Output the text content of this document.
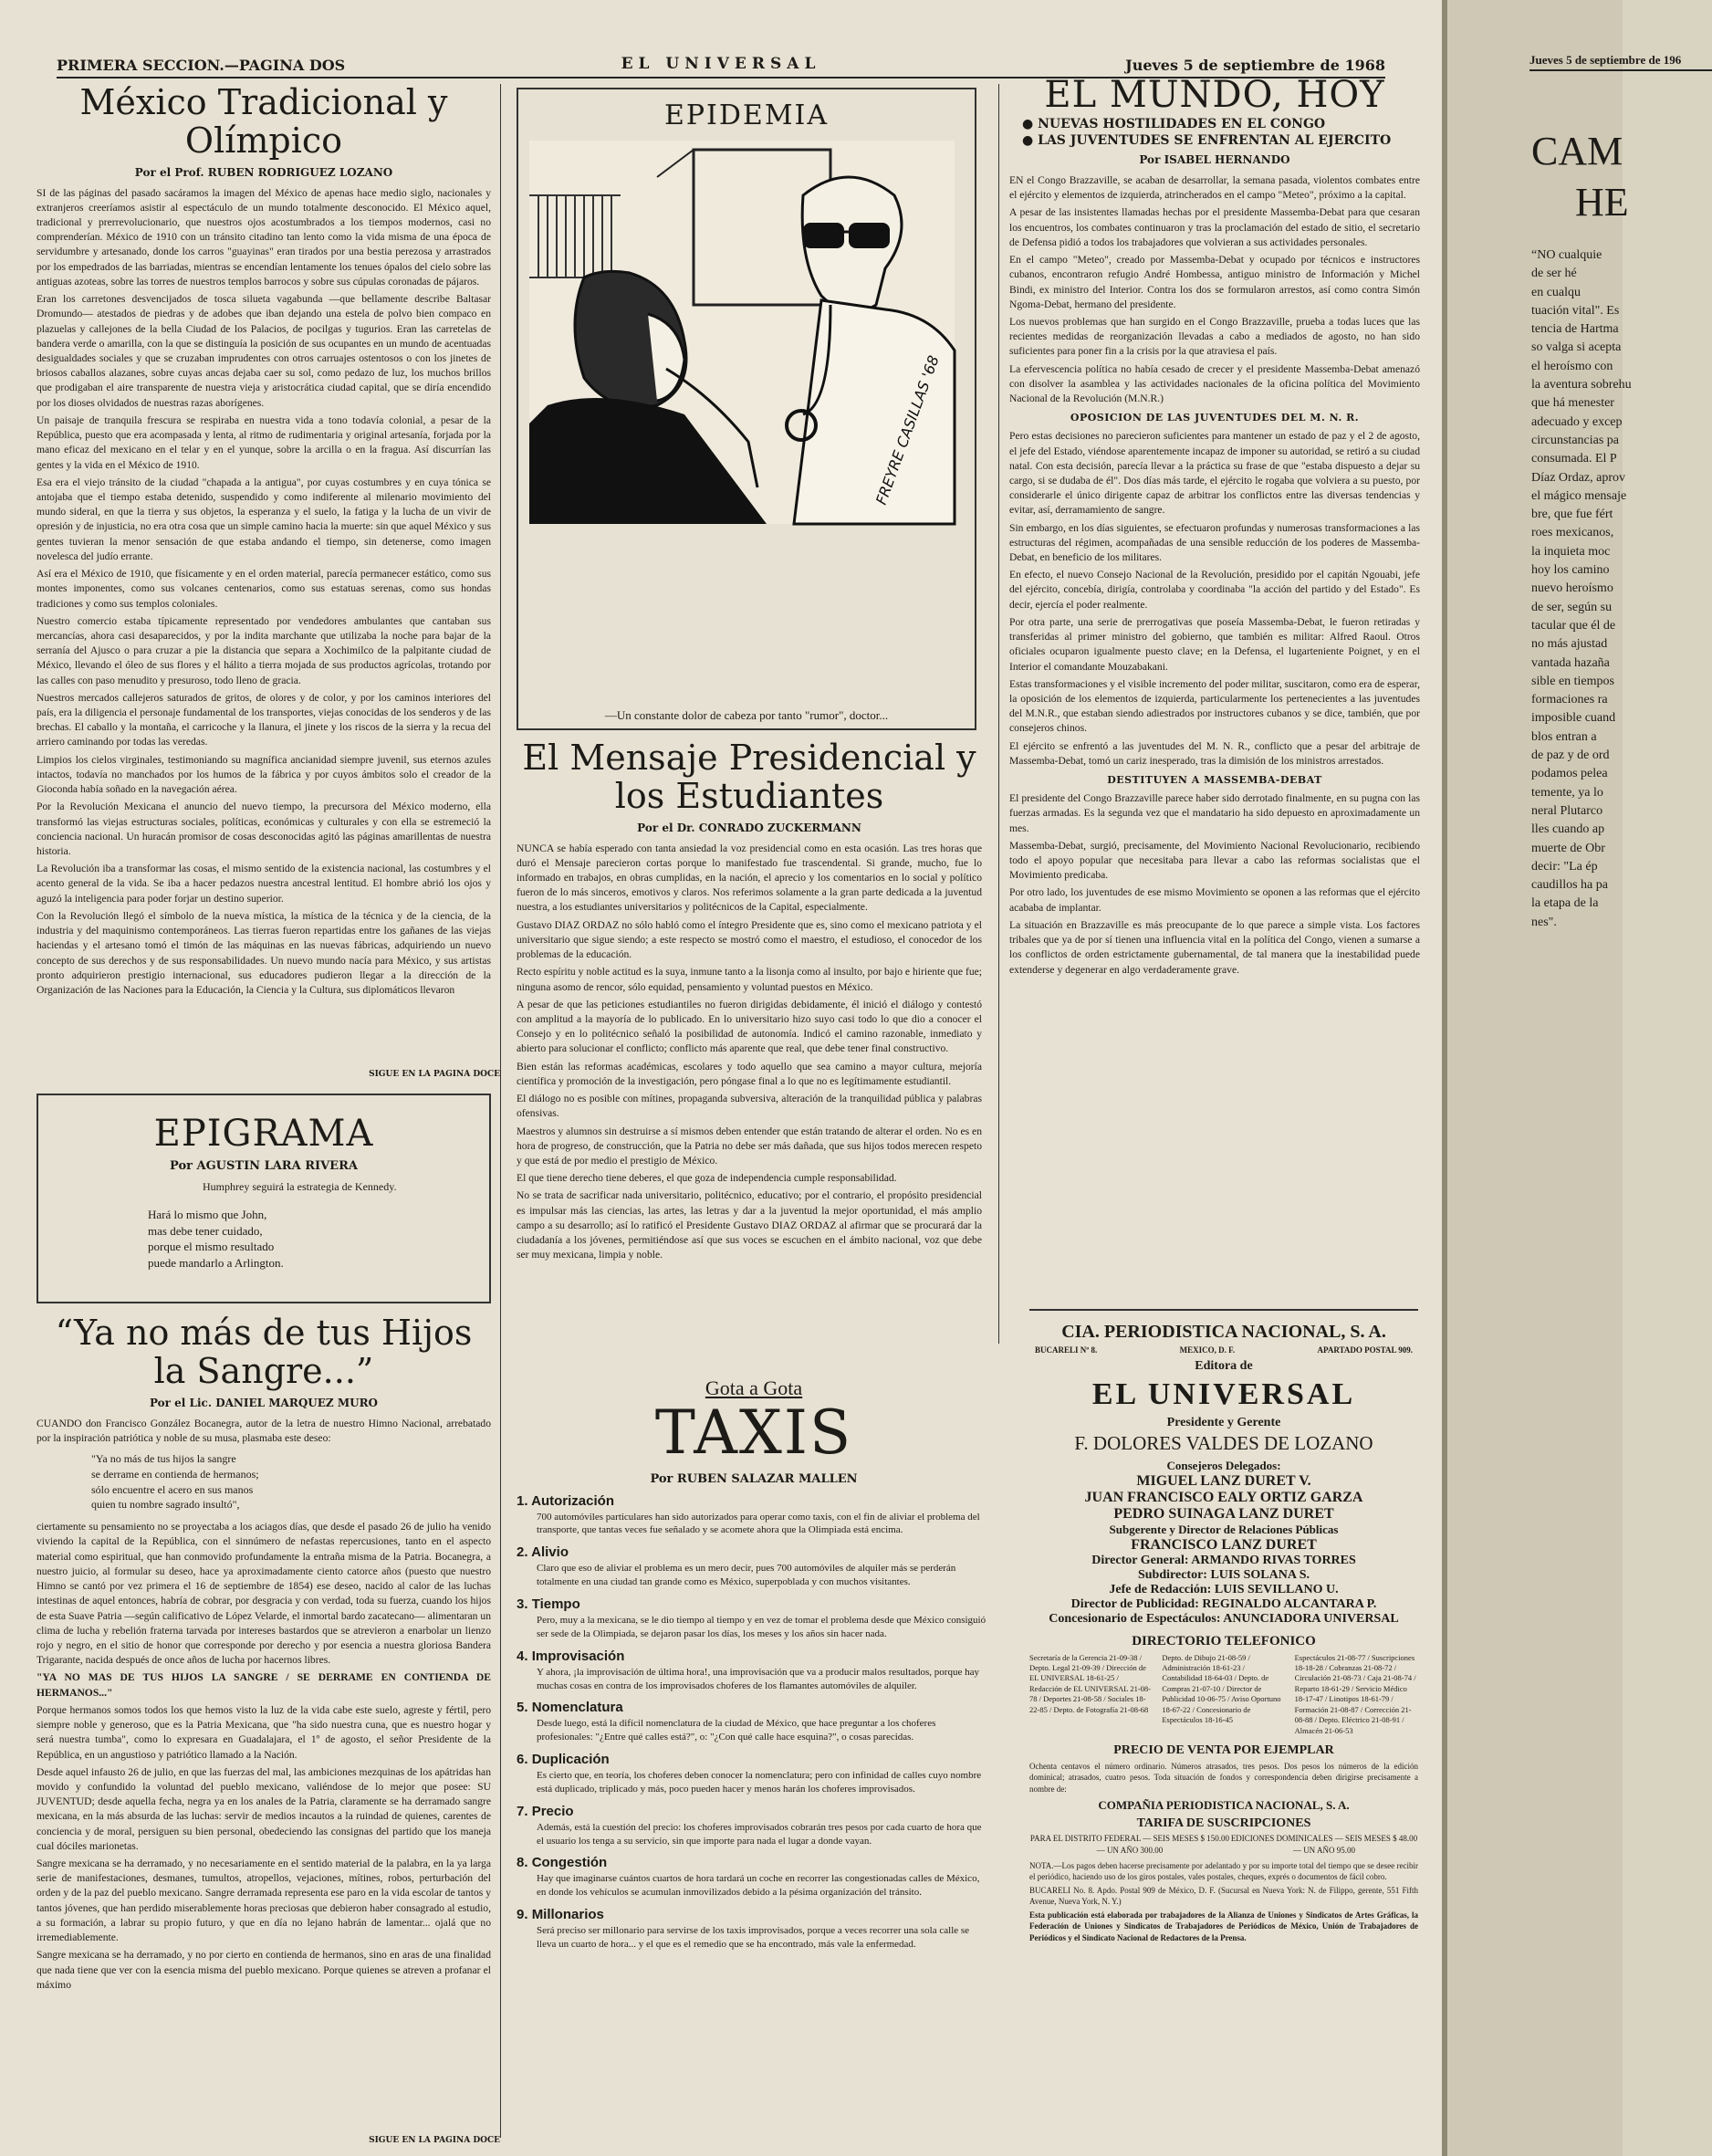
PRIMERA SECCION.—PAGINA DOS	EL UNIVERSAL	Jueves 5 de septiembre de 1968
México Tradicional y Olímpico
Por el Prof. RUBEN RODRIGUEZ LOZANO

SI de las páginas del pasado sacáramos la imagen del México de apenas hace medio siglo, nacionales y extranjeros creeríamos asistir al espectáculo de un mundo totalmente desconocido. El México aquel, tradicional y prerrevolucionario, que nuestros ojos acostumbrados a los tiempos modernos, casi no comprenderían. México de 1910 con un tránsito citadino tan lento como la vida misma de una época de servidumbre y artesanado, donde los carros "guayinas" eran tirados por una bestia perezosa y arrastrados por los empedrados de las barriadas, mientras se encendían lentamente los tenues ópalos del cielo sobre las antiguas azoteas, sobre las torres de nuestros templos barrocos y sobre sus cúpulas coronadas de pájaros.

Eran los carretones desvencijados de tosca silueta vagabunda —que bellamente describe Baltasar Dromundo— atestados de piedras y de adobes que iban dejando una estela de polvo bien compaco en plazuelas y callejones de la bella Ciudad de los Palacios, de pocilgas y tugurios. Eran las carretelas de bandera verde o amarilla, con la que se distinguía la posición de sus ocupantes en un mundo de acentuadas desigualdades sociales y que se cruzaban imprudentes con otros carruajes ostentosos o con los jinetes de briosos caballos alazanes, sobre cuyas ancas dejaba caer su sol, como pedazo de luz, los muchos brillos que prodigaban el aire transparente de nuestra vieja y aristocrática ciudad capital, que se diría encendido por los dioses olvidados de nuestras razas aborígenes.

Un paisaje de tranquila frescura se respiraba en nuestra vida a tono todavía colonial, a pesar de la República, puesto que era acompasada y lenta, al ritmo de rudimentaria y original artesanía, forjada por la mano eficaz del mexicano en el telar y en el yunque, sobre la arcilla o en la fragua. Así discurrían las gentes y la vida en el México de 1910.

Esa era el viejo tránsito de la ciudad "chapada a la antigua", por cuyas costumbres y en cuya tónica se antojaba que el tiempo estaba detenido, suspendido y como indiferente al milenario movimiento del mundo sideral, en que la tierra y sus objetos, la esperanza y el suelo, la fatiga y la lucha de un vivir de opresión y de injusticia, no era otra cosa que un simple camino hacia la muerte: sin que aquel México y sus gentes tuvieran la menor sensación de que estaba andando el tiempo, sin detenerse, como imagen novelesca del judío errante.

Así era el México de 1910, que físicamente y en el orden material, parecía permanecer estático, como sus montes imponentes, como sus volcanes centenarios, como sus estatuas serenas, como sus hondas tradiciones y como sus templos coloniales.

Nuestro comercio estaba típicamente representado por vendedores ambulantes que cantaban sus mercancías, ahora casi desaparecidos, y por la indita marchante que utilizaba la noche para bajar de la serranía del Ajusco o para cruzar a pie la distancia que separa a Xochimilco de la palpitante ciudad de México, llevando el óleo de sus flores y el hálito a tierra mojada de sus productos agrícolas, trotando por las calles con paso menudito y presuroso, todo lleno de gracia.

Nuestros mercados callejeros saturados de gritos, de olores y de color, y por los caminos interiores del país, era la diligencia el personaje fundamental de los transportes, viejas conocidas de los senderos y de las brechas. El caballo y la montaña, el carricoche y la llanura, el jinete y los riscos de la sierra y la recua del arriero caminando por todas las veredas.

Limpios los cielos virginales, testimoniando su magnífica ancianidad siempre juvenil, sus eternos azules intactos, todavía no manchados por los humos de la fábrica y por cuyos ámbitos solo el creador de la Gioconda había soñado en la navegación aérea.

Por la Revolución Mexicana el anuncio del nuevo tiempo, la precursora del México moderno, ella transformó las viejas estructuras sociales, políticas, económicas y culturales y con ella se estremeció la conciencia nacional. Un huracán promisor de cosas desconocidas agitó las páginas amarillentas de nuestra historia.

La Revolución iba a transformar las cosas, el mismo sentido de la existencia nacional, las costumbres y el acento general de la vida. Se iba a hacer pedazos nuestra ancestral lentitud. El hombre abrió los ojos y aguzó la inteligencia para poder forjar un destino superior.

Con la Revolución llegó el símbolo de la nueva mística, la mística de la técnica y de la ciencia, de la industria y del maquinismo contemporáneos. Las tierras fueron repartidas entre los gañanes de las viejas haciendas y el artesano tomó el timón de las máquinas en las nuevas fábricas, adquiriendo un nuevo concepto de sus derechos y de sus responsabilidades. Un nuevo mundo nacía para México, y sus artistas pronto adquirieron prestigio internacional, sus educadores pudieron llegar a la dirección de la Organización de las Naciones para la Educación, la Ciencia y la Cultura, sus diplomáticos llevaron

SIGUE EN LA PAGINA DOCE
EPIGRAMA
Por AGUSTIN LARA RIVERA
Humphrey seguirá la estrategia de Kennedy.
Hará lo mismo que John,
mas debe tener cuidado,
porque el mismo resultado
puede mandarlo a Arlington.
“Ya no más de tus Hijos la Sangre...”
Por el Lic. DANIEL MARQUEZ MURO

CUANDO don Francisco González Bocanegra, autor de la letra de nuestro Himno Nacional, arrebatado por la inspiración patriótica y noble de su musa, plasmaba este deseo:

"Ya no más de tus hijos la sangre
se derrame en contienda de hermanos;
sólo encuentre el acero en sus manos
quien tu nombre sagrado insultó",

ciertamente su pensamiento no se proyectaba a los aciagos días, que desde el pasado 26 de julio ha venido viviendo la capital de la República, con el sinnúmero de nefastas repercusiones, tanto en el aspecto material como espiritual, que han conmovido profundamente la entraña misma de la Patria. Bocanegra, a nuestro juicio, al formular su deseo, hace ya aproximadamente ciento catorce años (puesto que nuestro Himno se cantó por vez primera el 16 de septiembre de 1854) ese deseo, nacido al calor de las luchas intestinas de aquel entonces, habría de cobrar, por desgracia y con verdad, toda su fuerza, cuando los hijos de esta Suave Patria —según calificativo de López Velarde, el inmortal bardo zacatecano— alimentaran un clima de lucha y rebelión fraterna tarvada por intereses bastardos que se atrevieron a enarbolar un lienzo rojo y negro, en el sitio de honor que corresponde por derecho y por esencia a nuestra gloriosa Bandera Trigarante, nacida después de once años de lucha por hacernos libres.

"YA NO MAS DE TUS HIJOS LA SANGRE / SE DERRAME EN CONTIENDA DE HERMANOS..."

Porque hermanos somos todos los que hemos visto la luz de la vida cabe este suelo, agreste y fértil, pero siempre noble y generoso, que es la Patria Mexicana, que "ha sido nuestra cuna, que es nuestro hogar y será nuestra tumba", como lo expresara en Guadalajara, el 1º de agosto, el señor Presidente de la República, en un angustioso y patriótico llamado a la Nación.

Desde aquel infausto 26 de julio, en que las fuerzas del mal, las ambiciones mezquinas de los apátridas han movido y confundido la voluntad del pueblo mexicano, valiéndose de lo mejor que posee: SU JUVENTUD; desde aquella fecha, negra ya en los anales de la Patria, claramente se ha derramado sangre mexicana, en la más absurda de las luchas: servir de medios incautos a la ruindad de quienes, carentes de conciencia y de moral, persiguen su bien personal, obedeciendo las consignas del partido que los maneja cual dóciles marionetas.

Sangre mexicana se ha derramado, y no necesariamente en el sentido material de la palabra, en la ya larga serie de manifestaciones, desmanes, tumultos, atropellos, vejaciones, mítines, robos, perturbación del orden y de la paz del pueblo mexicano. Sangre derramada representa ese paro en la vida escolar de tantos y tantos jóvenes, que han perdido miserablemente horas preciosas que debieron haber consagrado al estudio, a su formación, a labrar su propio futuro, y que en día no lejano habrán de lamentar... ojalá que no irremediablemente.

Sangre mexicana se ha derramado, y no por cierto en contienda de hermanos, sino en aras de una finalidad que nada tiene que ver con la esencia misma del pueblo mexicano. Porque quienes se atreven a profanar el máximo

SIGUE EN LA PAGINA DOCE
EPIDEMIA
FREYRE CASILLAS '68
—Un constante dolor de cabeza por tanto "rumor", doctor...
El Mensaje Presidencial y los Estudiantes
Por el Dr. CONRADO ZUCKERMANN

NUNCA se había esperado con tanta ansiedad la voz presidencial como en esta ocasión. Las tres horas que duró el Mensaje parecieron cortas porque lo manifestado fue trascendental. Si grande, mucho, fue lo informado en trabajos, en obras cumplidas, en la nación, el aprecio y los comentarios en lo social y político fueron de lo más sinceros, emotivos y claros. Nos referimos solamente a la gran parte dedicada a la juventud nuestra, a los estudiantes universitarios y politécnicos de la Capital, especialmente.

Gustavo DIAZ ORDAZ no sólo habló como el íntegro Presidente que es, sino como el mexicano patriota y el universitario que sigue siendo; a este respecto se mostró como el maestro, el estudioso, el conocedor de los problemas de la educación.

Recto espíritu y noble actitud es la suya, inmune tanto a la lisonja como al insulto, por bajo e hiriente que fue; ninguna asomo de rencor, sólo equidad, pensamiento y voluntad puestos en México.

A pesar de que las peticiones estudiantiles no fueron dirigidas debidamente, él inició el diálogo y contestó con amplitud a la mayoría de lo publicado. En lo universitario hizo suyo casi todo lo que dio a conocer el Consejo y en lo politécnico señaló la posibilidad de autonomía. Indicó el camino razonable, inmediato y abierto para solucionar el conflicto; conflicto más aparente que real, que debe tener final constructivo.

Bien están las reformas académicas, escolares y todo aquello que sea camino a mayor cultura, mejoría científica y promoción de la investigación, pero póngase final a lo que no es legítimamente estudiantil.

El diálogo no es posible con mítines, propaganda subversiva, alteración de la tranquilidad pública y palabras ofensivas.

Maestros y alumnos sin destruirse a sí mismos deben entender que están tratando de alterar el orden. No es en hora de progreso, de construcción, que la Patria no debe ser más dañada, que sus hijos todos merecen respeto y que está de por medio el prestigio de México.

El que tiene derecho tiene deberes, el que goza de independencia cumple responsabilidad.

No se trata de sacrificar nada universitario, politécnico, educativo; por el contrario, el propósito presidencial es impulsar más las ciencias, las artes, las letras y dar a la juventud la mejor oportunidad, el más amplio campo a su desarrollo; así lo ratificó el Presidente Gustavo DIAZ ORDAZ al afirmar que se procurará dar la ciudadanía a los jóvenes, permitiéndose así que sus voces se escuchen en el ámbito nacional, voz que debe ser muy mexicana, limpia y noble.

Gota a Gota
TAXIS
Por RUBEN SALAZAR MALLEN
1. Autorización

700 automóviles particulares han sido autorizados para operar como taxis, con el fin de aliviar el problema del transporte, que tantas veces fue señalado y se acomete ahora que la Olimpiada está encima.

2. Alivio

Claro que eso de aliviar el problema es un mero decir, pues 700 automóviles de alquiler más se perderán totalmente en una ciudad tan grande como es México, superpoblada y con muchos visitantes.

3. Tiempo

Pero, muy a la mexicana, se le dio tiempo al tiempo y en vez de tomar el problema desde que México consiguió ser sede de la Olimpiada, se dejaron pasar los días, los meses y los años sin hacer nada.

4. Improvisación

Y ahora, ¡la improvisación de última hora!, una improvisación que va a producir malos resultados, porque hay muchas cosas en contra de los improvisados choferes de los flamantes automóviles de alquiler.

5. Nomenclatura

Desde luego, está la difícil nomenclatura de la ciudad de México, que hace preguntar a los choferes profesionales: "¿Entre qué calles está?", o: "¿Con qué calle hace esquina?", o cosas parecidas.

6. Duplicación

Es cierto que, en teoría, los choferes deben conocer la nomenclatura; pero con infinidad de calles cuyo nombre está duplicado, triplicado y más, poco pueden hacer y menos harán los choferes improvisados.

7. Precio

Además, está la cuestión del precio: los choferes improvisados cobrarán tres pesos por cada cuarto de hora que el usuario los tenga a su servicio, sin que importe para nada el lugar a donde vayan.

8. Congestión

Hay que imaginarse cuántos cuartos de hora tardará un coche en recorrer las congestionadas calles de México, en donde los vehículos se acumulan inmovilizados debido a la pésima organización del tránsito.

9. Millonarios

Será preciso ser millonario para servirse de los taxis improvisados, porque a veces recorrer una sola calle se lleva un cuarto de hora... y el que es el remedio que se ha encontrado, más vale la enfermedad.

EL MUNDO, HOY
● NUEVAS HOSTILIDADES EN EL CONGO
● LAS JUVENTUDES SE ENFRENTAN AL EJERCITO
Por ISABEL HERNANDO

EN el Congo Brazzaville, se acaban de desarrollar, la semana pasada, violentos combates entre el ejército y elementos de izquierda, atrincherados en el campo "Meteo", próximo a la capital.

A pesar de las insistentes llamadas hechas por el presidente Massemba-Debat para que cesaran los encuentros, los combates continuaron y tras la proclamación del estado de sitio, el secretario de Defensa pidió a todos los trabajadores que volvieran a sus actividades personales.

En el campo "Meteo", creado por Massemba-Debat y ocupado por técnicos e instructores cubanos, encontraron refugio André Hombessa, antiguo ministro de Información y Michel Bindi, ex ministro del Interior. Contra los dos se formularon arrestos, así como contra Simón Ngoma-Debat, hermano del presidente.

Los nuevos problemas que han surgido en el Congo Brazzaville, prueba a todas luces que las recientes medidas de reorganización llevadas a cabo a mediados de agosto, no han sido suficientes para poner fin a la crisis por la que atraviesa el país.

La efervescencia política no había cesado de crecer y el presidente Massemba-Debat amenazó con disolver la asamblea y las actividades nacionales de la oficina política del Movimiento Nacional de la Revolución (M.N.R.)

OPOSICION DE LAS JUVENTUDES DEL M. N. R.

Pero estas decisiones no parecieron suficientes para mantener un estado de paz y el 2 de agosto, el jefe del Estado, viéndose aparentemente incapaz de imponer su autoridad, se retiró a su ciudad natal. Con esta decisión, parecía llevar a la práctica su frase de que "estaba dispuesto a dejar su cargo, si se dudaba de él". Dos días más tarde, el ejército le rogaba que volviera a su puesto, por considerarle el único dirigente capaz de arbitrar los conflictos entre las diversas tendencias y evitar, así, derramamiento de sangre.

Sin embargo, en los días siguientes, se efectuaron profundas y numerosas transformaciones a las estructuras del régimen, acompañadas de una sensible reducción de los poderes de Massemba-Debat, en beneficio de los militares.

En efecto, el nuevo Consejo Nacional de la Revolución, presidido por el capitán Ngouabi, jefe del ejército, concebía, dirigía, controlaba y coordinaba "la acción del partido y del Estado". Es decir, ejercía el poder realmente.

Por otra parte, una serie de prerrogativas que poseía Massemba-Debat, le fueron retiradas y transferidas al primer ministro del gobierno, que también es militar: Alfred Raoul. Otros oficiales ocuparon igualmente puesto clave; en la Defensa, el lugarteniente Poignet, y en el Interior el comandante Mouzabakani.

Estas transformaciones y el visible incremento del poder militar, suscitaron, como era de esperar, la oposición de los elementos de izquierda, particularmente los pertenecientes a las juventudes del M.N.R., que estaban siendo adiestrados por instructores cubanos y se dice, también, que por consejeros chinos.

El ejército se enfrentó a las juventudes del M. N. R., conflicto que a pesar del arbitraje de Massemba-Debat, tomó un cariz inesperado, tras la dimisión de los ministros arrestados.

DESTITUYEN A MASSEMBA-DEBAT

El presidente del Congo Brazzaville parece haber sido derrotado finalmente, en su pugna con las fuerzas armadas. Es la segunda vez que el mandatario ha sido depuesto en aproximadamente un mes.

Massemba-Debat, surgió, precisamente, del Movimiento Nacional Revolucionario, recibiendo todo el apoyo popular que necesitaba para llevar a cabo las reformas socialistas que el Movimiento predicaba.

Por otro lado, los juventudes de ese mismo Movimiento se oponen a las reformas que el ejército acababa de implantar.

La situación en Brazzaville es más preocupante de lo que parece a simple vista. Los factores tribales que ya de por sí tienen una influencia vital en la política del Congo, vienen a sumarse a los conflictos de orden estrictamente gubernamental, de tal manera que la inestabilidad puede extenderse y degenerar en algo verdaderamente grave.

CIA. PERIODISTICA NACIONAL, S. A.
BUCARELI Nº 8.	MEXICO, D. F.	APARTADO POSTAL 909.
Editora de
EL UNIVERSAL
Presidente y Gerente
F. DOLORES VALDES DE LOZANO
Consejeros Delegados:
MIGUEL LANZ DURET V.
JUAN FRANCISCO EALY ORTIZ GARZA
PEDRO SUINAGA LANZ DURET
Subgerente y Director de Relaciones Públicas
FRANCISCO LANZ DURET
Director General: ARMANDO RIVAS TORRES
Subdirector: LUIS SOLANA S.
Jefe de Redacción: LUIS SEVILLANO U.
Director de Publicidad: REGINALDO ALCANTARA P.
Concesionario de Espectáculos: ANUNCIADORA UNIVERSAL
DIRECTORIO TELEFONICO
Secretaría de la Gerencia 21-09-38 / Depto. Legal 21-09-39 / Dirección de EL UNIVERSAL 18-61-25 / Redacción de EL UNIVERSAL 21-08-78 / Deportes 21-08-58 / Sociales 18-22-85 / Depto. de Fotografía 21-08-68
Depto. de Dibujo 21-08-59 / Administración 18-61-23 / Contabilidad 18-64-03 / Depto. de Compras 21-07-10 / Director de Publicidad 10-06-75 / Aviso Oportuno 18-67-22 / Concesionario de Espectáculos 18-16-45
Espectáculos 21-08-77 / Suscripciones 18-18-28 / Cobranzas 21-08-72 / Circulación 21-08-73 / Caja 21-08-74 / Reparto 18-61-29 / Servicio Médico 18-17-47 / Linotipos 18-61-79 / Formación 21-08-87 / Corrección 21-08-88 / Depto. Eléctrico 21-08-91 / Almacén 21-06-53
PRECIO DE VENTA POR EJEMPLAR
Ochenta centavos el número ordinario. Números atrasados, tres pesos. Dos pesos los números de la edición dominical; atrasados, cuatro pesos. Toda situación de fondos y correspondencia deben dirigirse precisamente a nombre de:
COMPAÑIA PERIODISTICA NACIONAL, S. A.
TARIFA DE SUSCRIPCIONES
PARA EL DISTRITO FEDERAL — SEIS MESES $ 150.00 — UN AÑO 300.00
EDICIONES DOMINICALES — SEIS MESES $ 48.00 — UN AÑO 95.00
NOTA.—Los pagos deben hacerse precisamente por adelantado y por su importe total del tiempo que se desee recibir el periódico, haciendo uso de los giros postales, vales postales, cheques, exprés o documentos de fácil cobro.
BUCARELI No. 8. Apdo. Postal 909 de México, D. F. (Sucursal en Nueva York: N. de Filippo, gerente, 551 Fifth Avenue, Nueva York, N. Y.)
Esta publicación está elaborada por trabajadores de la Alianza de Uniones y Sindicatos de Artes Gráficas, la Federación de Uniones y Sindicatos de Trabajadores de Periódicos de México, Unión de Trabajadores de Periódicos y el Sindicato Nacional de Redactores de la Prensa.
Jueves 5 de septiembre de 196
CAM
HE
“NO cualquie
de ser hé
en cualqu
tuación vital". Es
tencia de Hartma
so valga si acepta
el heroísmo con
la aventura sobrehu
que há menester
adecuado y excep
circunstancias pa
consumada. El P
Díaz Ordaz, aprov
el mágico mensaje
bre, que fue fért
roes mexicanos,
la inquieta moc
hoy los camino
nuevo heroísmo
de ser, según su
tacular que él de
no más ajustad
vantada hazaña
sible en tiempos
formaciones ra
imposible cuand
blos entran a
de paz y de ord
podamos pelea
temente, ya lo
neral Plutarco
lles cuando ap
muerte de Obr
decir: "La ép
caudillos ha pa
la etapa de la
nes".
